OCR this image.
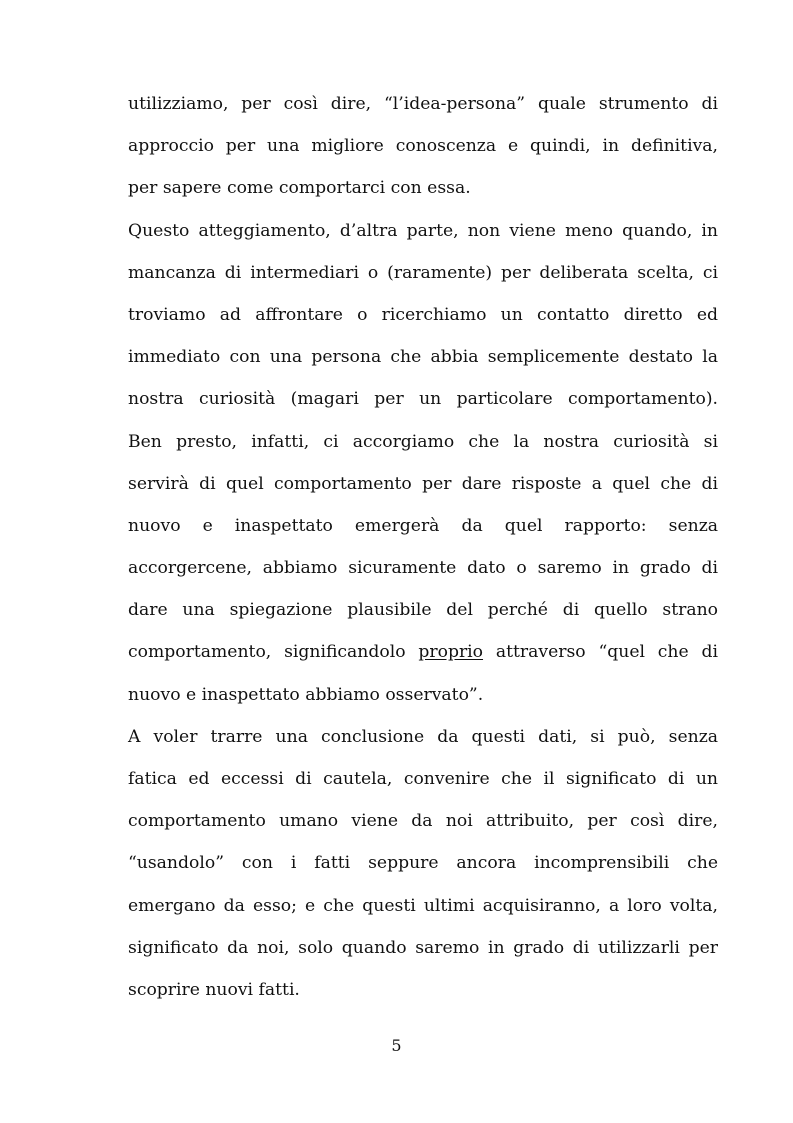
utilizziamo, per così dire, “l’idea-persona” quale strumento di
approccio per una migliore conoscenza e quindi, in definitiva,
per sapere come comportarci con essa.
Questo atteggiamento, d’altra parte, non viene meno quando, in
mancanza di intermediari o (raramente) per deliberata scelta, ci
troviamo ad affrontare o ricerchiamo un contatto diretto ed
immediato con una persona che abbia semplicemente destato la
nostra curiosità (magari per un particolare comportamento).
Ben presto, infatti, ci accorgiamo che la nostra curiosità si
servirà di quel comportamento per dare risposte a quel che di
nuovo e inaspettato emergerà da quel rapporto: senza
accorgercene, abbiamo sicuramente dato o saremo in grado di
dare una spiegazione plausibile del perché di quello strano
comportamento, significandolo proprio attraverso “quel che di
nuovo e inaspettato abbiamo osservato”.
A voler trarre una conclusione da questi dati, si può, senza
fatica ed eccessi di cautela, convenire che il significato di un
comportamento umano viene da noi attribuito, per così dire,
“usandolo” con i fatti seppure ancora incomprensibili che
emergano da esso; e che questi ultimi acquisiranno, a loro volta,
significato da noi, solo quando saremo in grado di utilizzarli per
scoprire nuovi fatti.
5
